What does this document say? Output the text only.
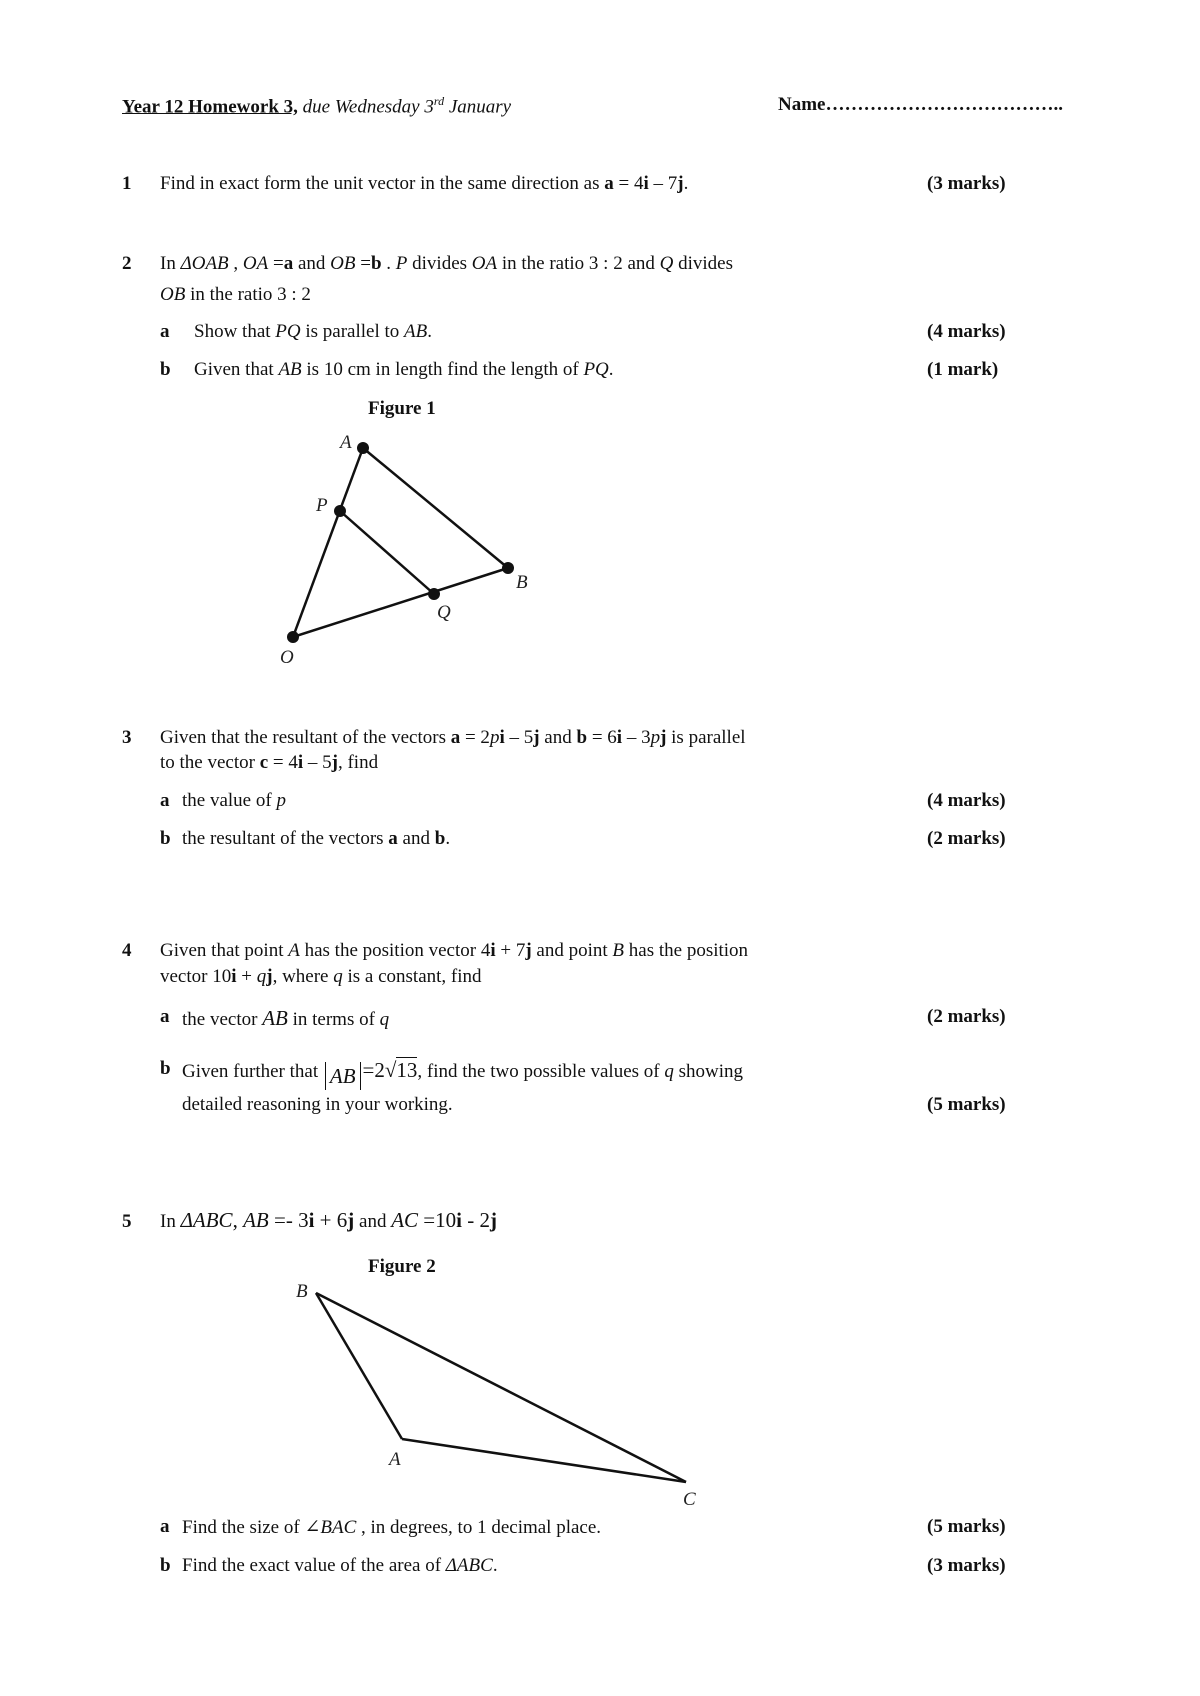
Year 12 Homework 3, due Wednesday 3rd January	Name………………………………..
1 Find in exact form the unit vector in the same direction as a = 4i – 7j.	(3 marks)
2 In ΔOAB , OA =a and OB =b . P divides OA in the ratio 3 : 2 and Q divides
OB in the ratio 3 : 2
a Show that PQ is parallel to AB.	(4 marks)
b Given that AB is 10 cm in length find the length of PQ.	(1 mark)
Figure 1
A
P
B
Q
O
B
A
C
3 Given that the resultant of the vectors a = 2pi – 5j and b = 6i – 3pj is parallel
to the vector c = 4i – 5j, find
a the value of p	(4 marks)
b the resultant of the vectors a and b.	(2 marks)
4 Given that point A has the position vector 4i + 7j and point B has the position
vector 10i + qj, where q is a constant, find
a the vector AB in terms of q	(2 marks)
b Given further that AB =2√13, find the two possible values of q showing
detailed reasoning in your working.	(5 marks)
5 In ΔABC, AB =- 3i + 6j and AC =10i - 2j
Figure 2
a Find the size of ∠BAC , in degrees, to 1 decimal place.	(5 marks)
b Find the exact value of the area of ΔABC.	(3 marks)
